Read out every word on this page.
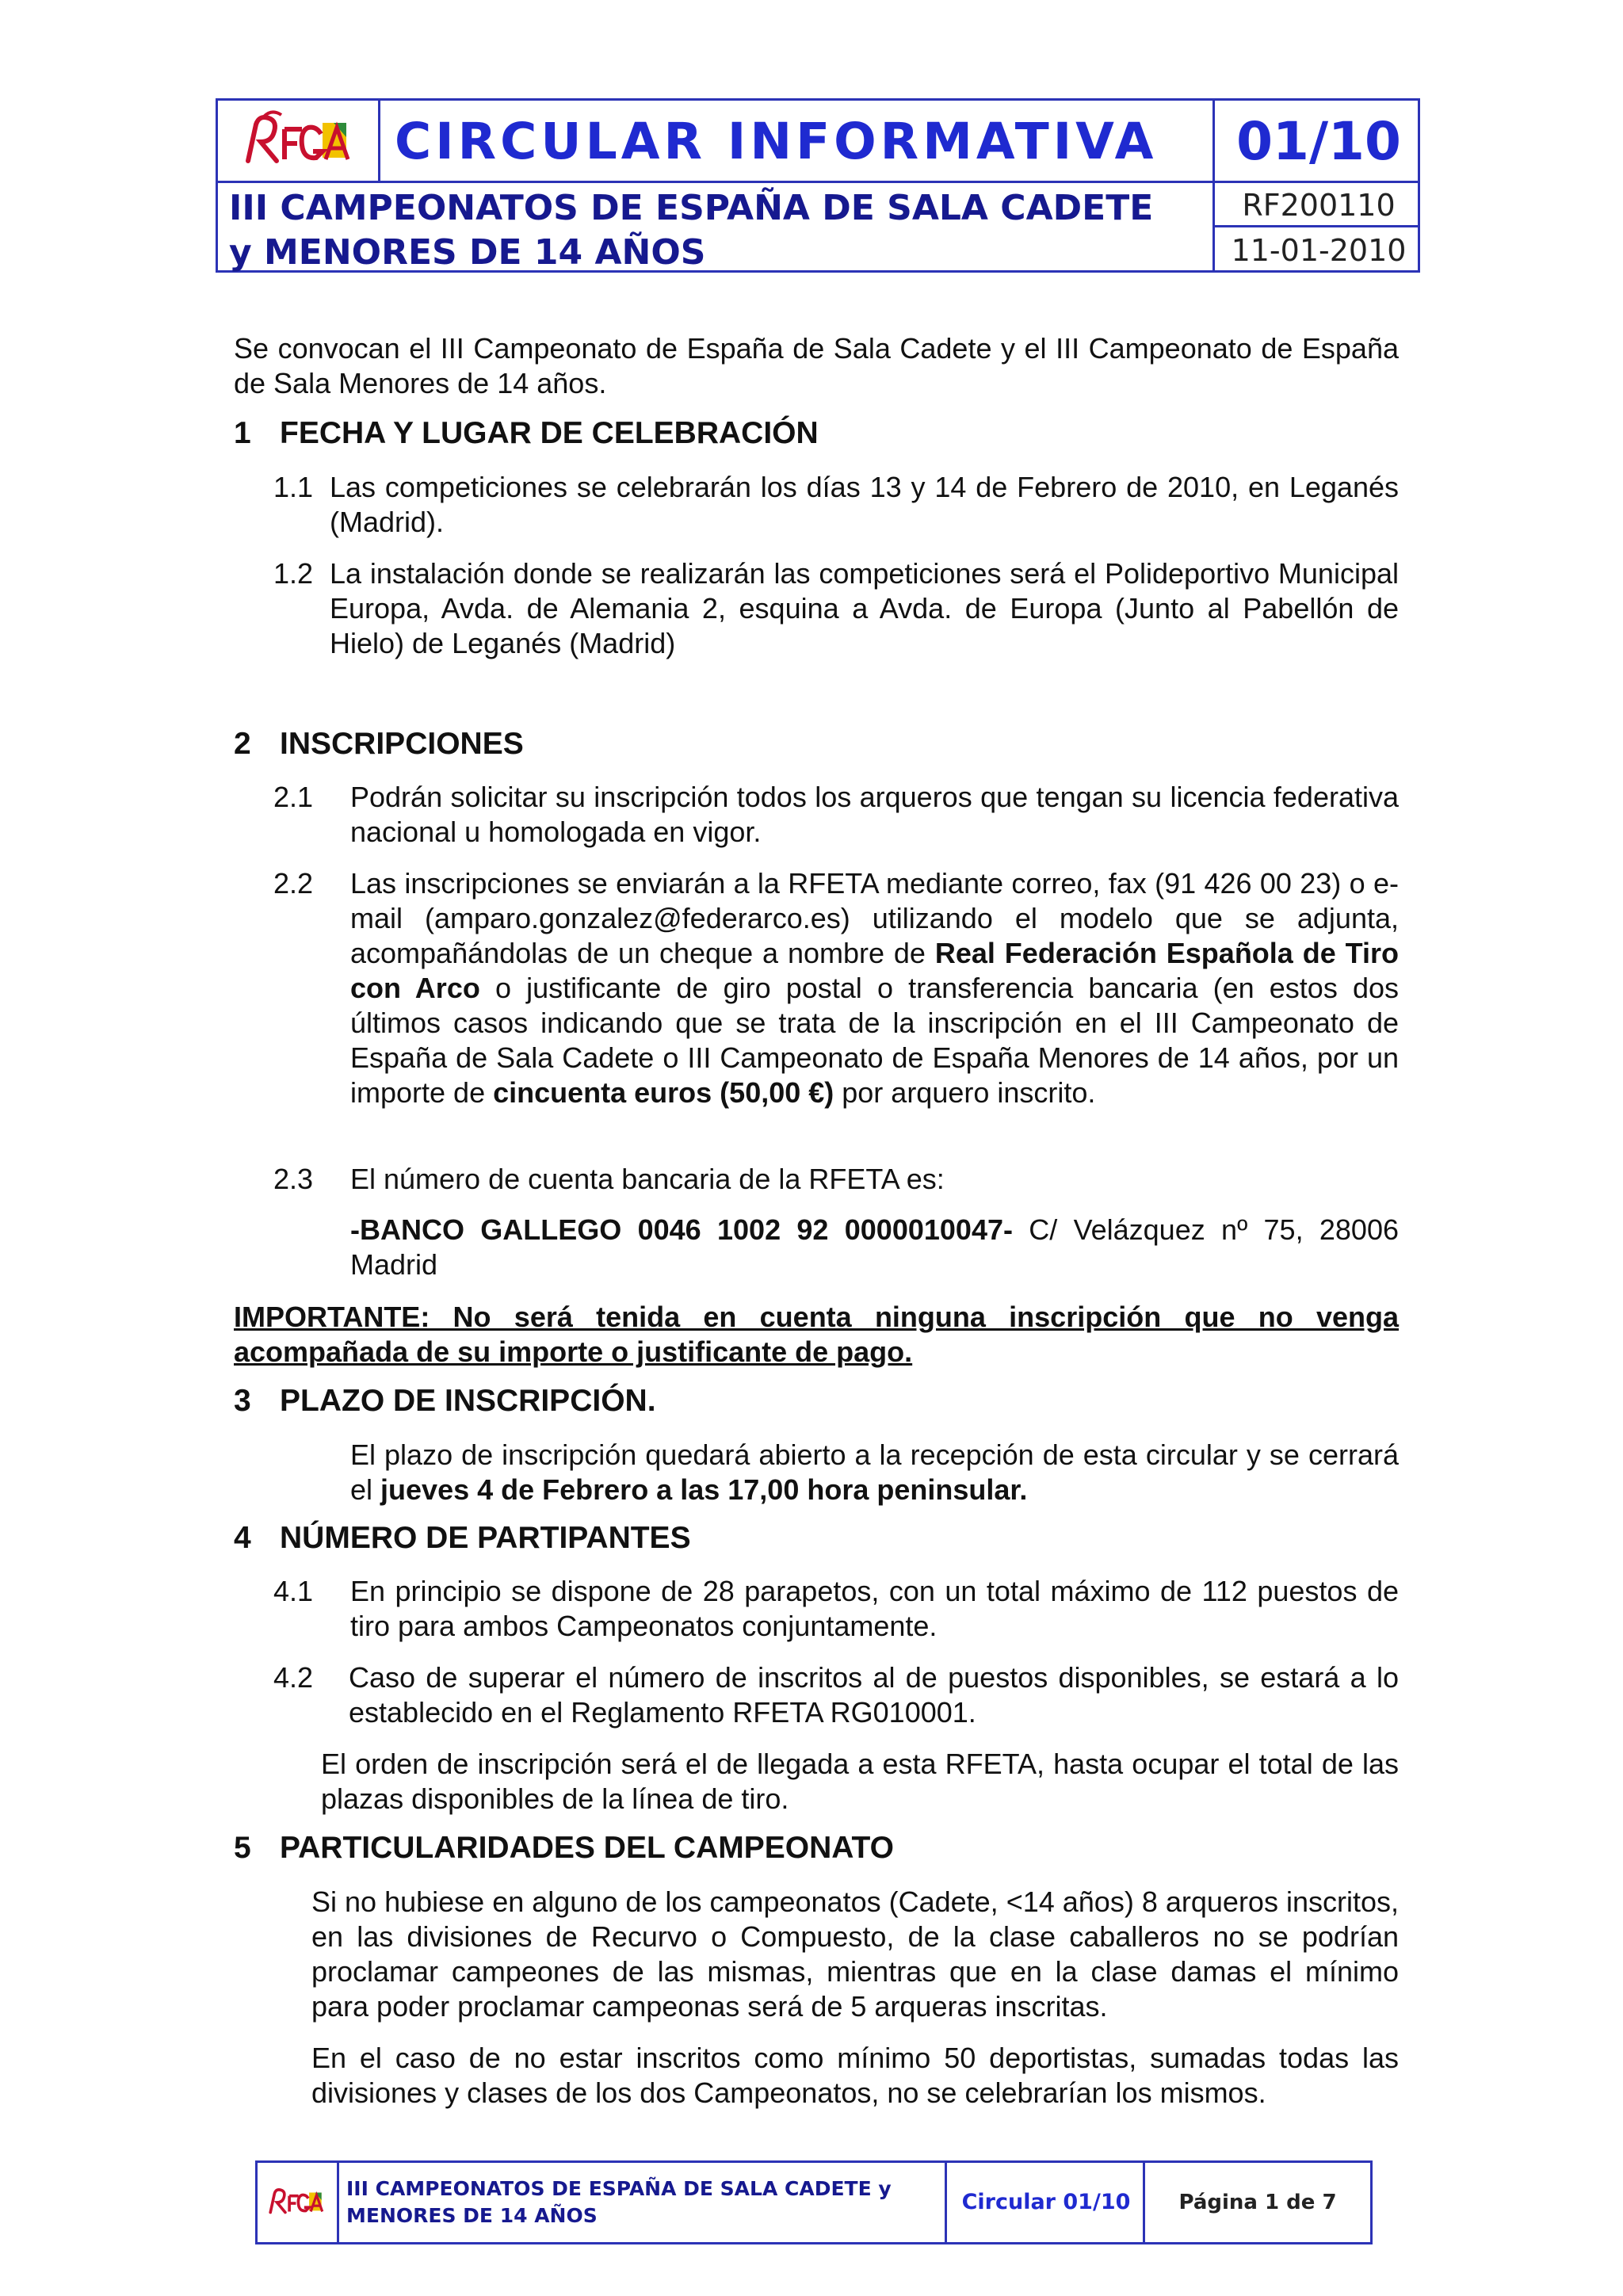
CIRCULAR INFORMATIVA	01/10
III CAMPEONATOS DE ESPAÑA DE SALA CADETE
y MENORES DE 14 AÑOS
RF200110
11-01-2010

Se convocan el III Campeonato de España de Sala Cadete y el III Campeonato de España de Sala Menores de 14 años.

1 FECHA Y LUGAR DE CELEBRACIÓN
1.1 Las competiciones se celebrarán los días 13 y 14 de Febrero de 2010, en Leganés (Madrid).

1.2 La instalación donde se realizarán las competiciones será el Polideportivo Municipal Europa, Avda. de Alemania 2, esquina a Avda. de Europa (Junto al Pabellón de Hielo) de Leganés (Madrid)

2 INSCRIPCIONES
2.1 Podrán solicitar su inscripción todos los arqueros que tengan su licencia federativa nacional u homologada en vigor.

2.2 Las inscripciones se enviarán a la RFETA mediante correo, fax (91 426 00 23) o e-mail (amparo.gonzalez@federarco.es) utilizando el modelo que se adjunta, acompañándolas de un cheque a nombre de Real Federación Española de Tiro con Arco o justificante de giro postal o transferencia bancaria (en estos dos últimos casos indicando que se trata de la inscripción en el III Campeonato de España de Sala Cadete o III Campeonato de España Menores de 14 años, por un importe de cincuenta euros (50,00 €) por arquero inscrito.

2.3 El número de cuenta bancaria de la RFETA es:

-BANCO GALLEGO 0046 1002 92 0000010047- C/ Velázquez nº 75, 28006 Madrid

IMPORTANTE: No será tenida en cuenta ninguna inscripción que no venga acompañada de su importe o justificante de pago.

3 PLAZO DE INSCRIPCIÓN.

El plazo de inscripción quedará abierto a la recepción de esta circular y se cerrará el jueves 4 de Febrero a las 17,00 hora peninsular.

4 NÚMERO DE PARTIPANTES
4.1 En principio se dispone de 28 parapetos, con un total máximo de 112 puestos de tiro para ambos Campeonatos conjuntamente.

4.2 Caso de superar el número de inscritos al de puestos disponibles, se estará a lo establecido en el Reglamento RFETA RG010001.

El orden de inscripción será el de llegada a esta RFETA, hasta ocupar el total de las plazas disponibles de la línea de tiro.

5 PARTICULARIDADES DEL CAMPEONATO

Si no hubiese en alguno de los campeonatos (Cadete, <14 años) 8 arqueros inscritos, en las divisiones de Recurvo o Compuesto, de la clase caballeros no se podrían proclamar campeones de las mismas, mientras que en la clase damas el mínimo para poder proclamar campeonas será de 5 arqueras inscritas.

En el caso de no estar inscritos como mínimo 50 deportistas, sumadas todas las divisiones y clases de los dos Campeonatos, no se celebrarían los mismos.

III CAMPEONATOS DE ESPAÑA DE SALA CADETE y
MENORES DE 14 AÑOS
Circular 01/10	Página 1 de 7
